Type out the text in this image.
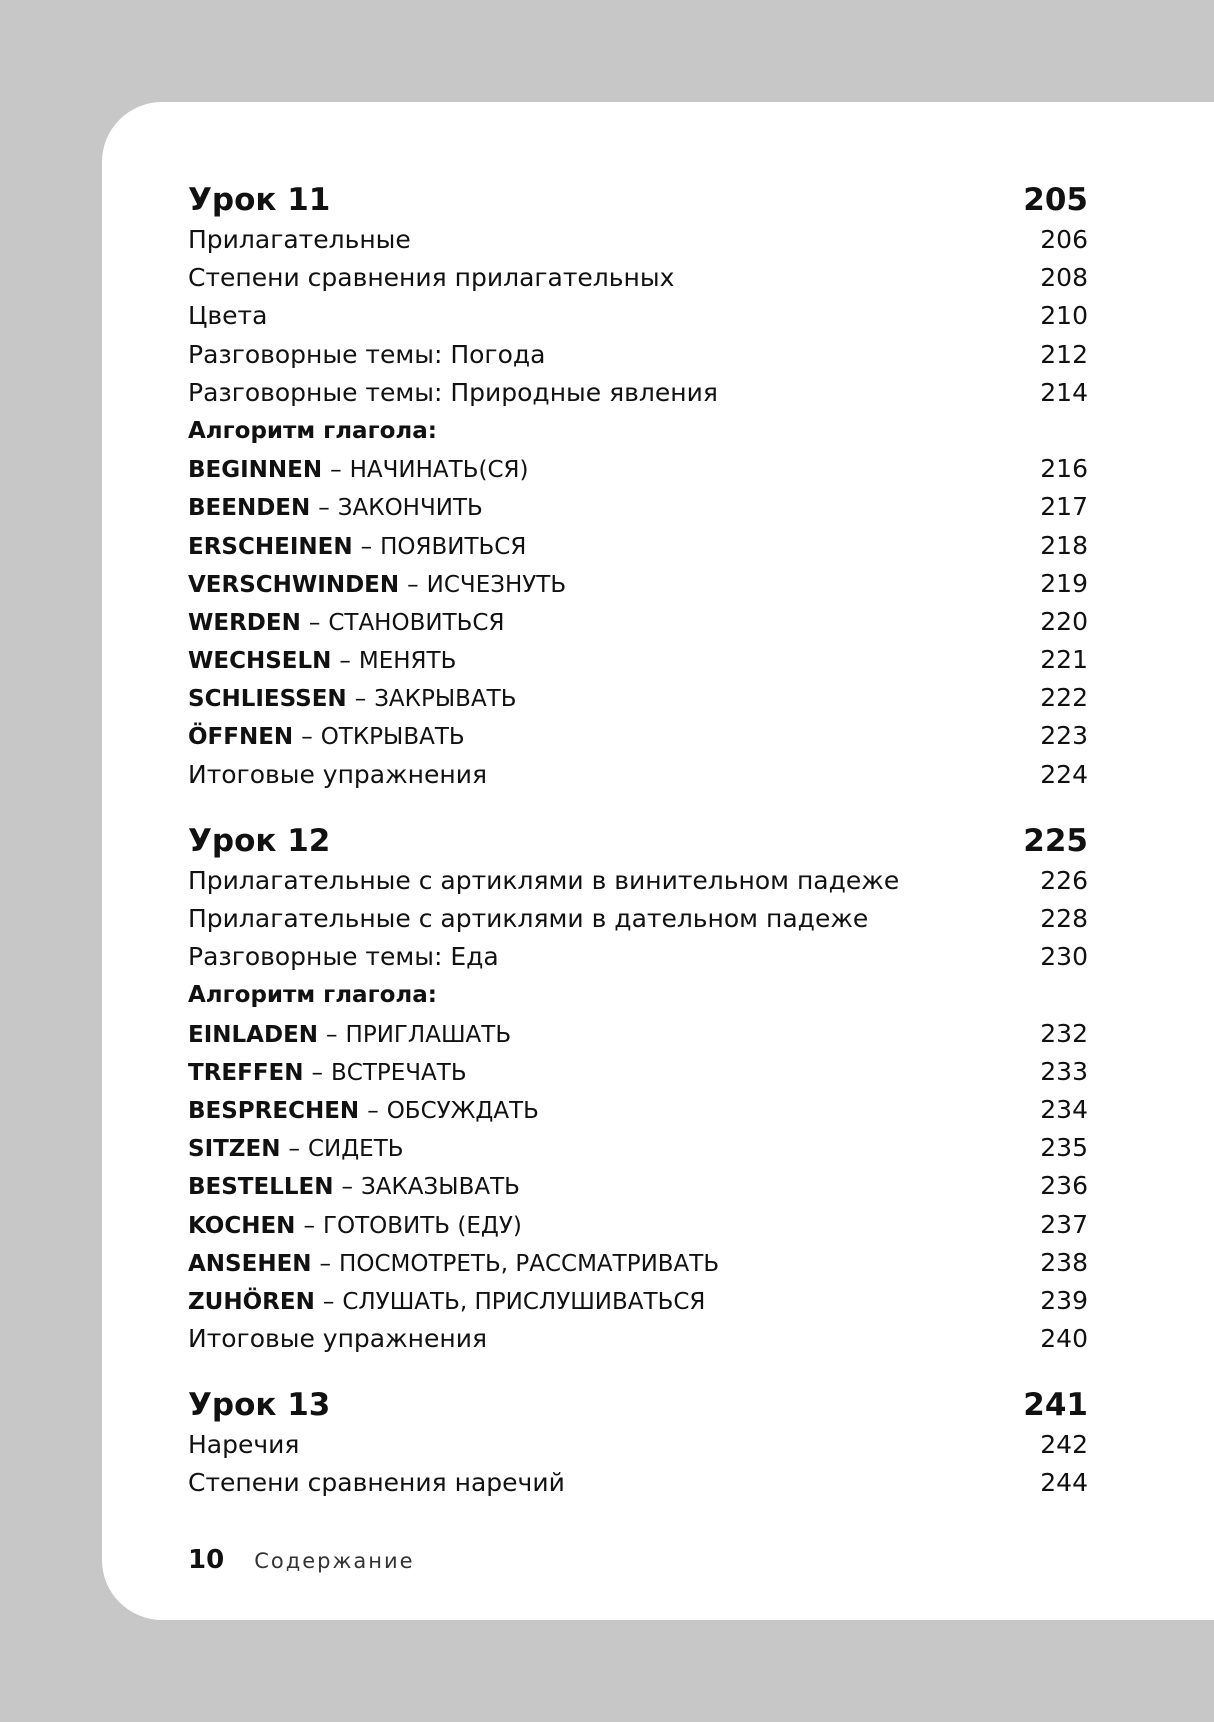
Урок 11	205
Прилагательные	206
Степени сравнения прилагательных	208
Цвета	210
Разговорные темы: Погода	212
Разговорные темы: Природные явления	214
Алгоритм глагола:
BEGINNEN – НАЧИНАТЬ(СЯ)	216
BEENDEN – ЗАКОНЧИТЬ	217
ERSCHEINEN – ПОЯВИТЬСЯ	218
VERSCHWINDEN – ИСЧЕЗНУТЬ	219
WERDEN – СТАНОВИТЬСЯ	220
WECHSELN – МЕНЯТЬ	221
SCHLIESSEN – ЗАКРЫВАТЬ	222
ÖFFNEN – ОТКРЫВАТЬ	223
Итоговые упражнения	224
Урок 12	225
Прилагательные с артиклями в винительном падеже	226
Прилагательные с артиклями в дательном падеже	228
Разговорные темы: Еда	230
Алгоритм глагола:
EINLADEN – ПРИГЛАШАТЬ	232
TREFFEN – ВСТРЕЧАТЬ	233
BESPRECHEN – ОБСУЖДАТЬ	234
SITZEN – СИДЕТЬ	235
BESTELLEN – ЗАКАЗЫВАТЬ	236
KOCHEN – ГОТОВИТЬ (ЕДУ)	237
ANSEHEN – ПОСМОТРЕТЬ, РАССМАТРИВАТЬ	238
ZUHÖREN – СЛУШАТЬ, ПРИСЛУШИВАТЬСЯ	239
Итоговые упражнения	240
Урок 13	241
Наречия	242
Степени сравнения наречий	244
10 Содержание
